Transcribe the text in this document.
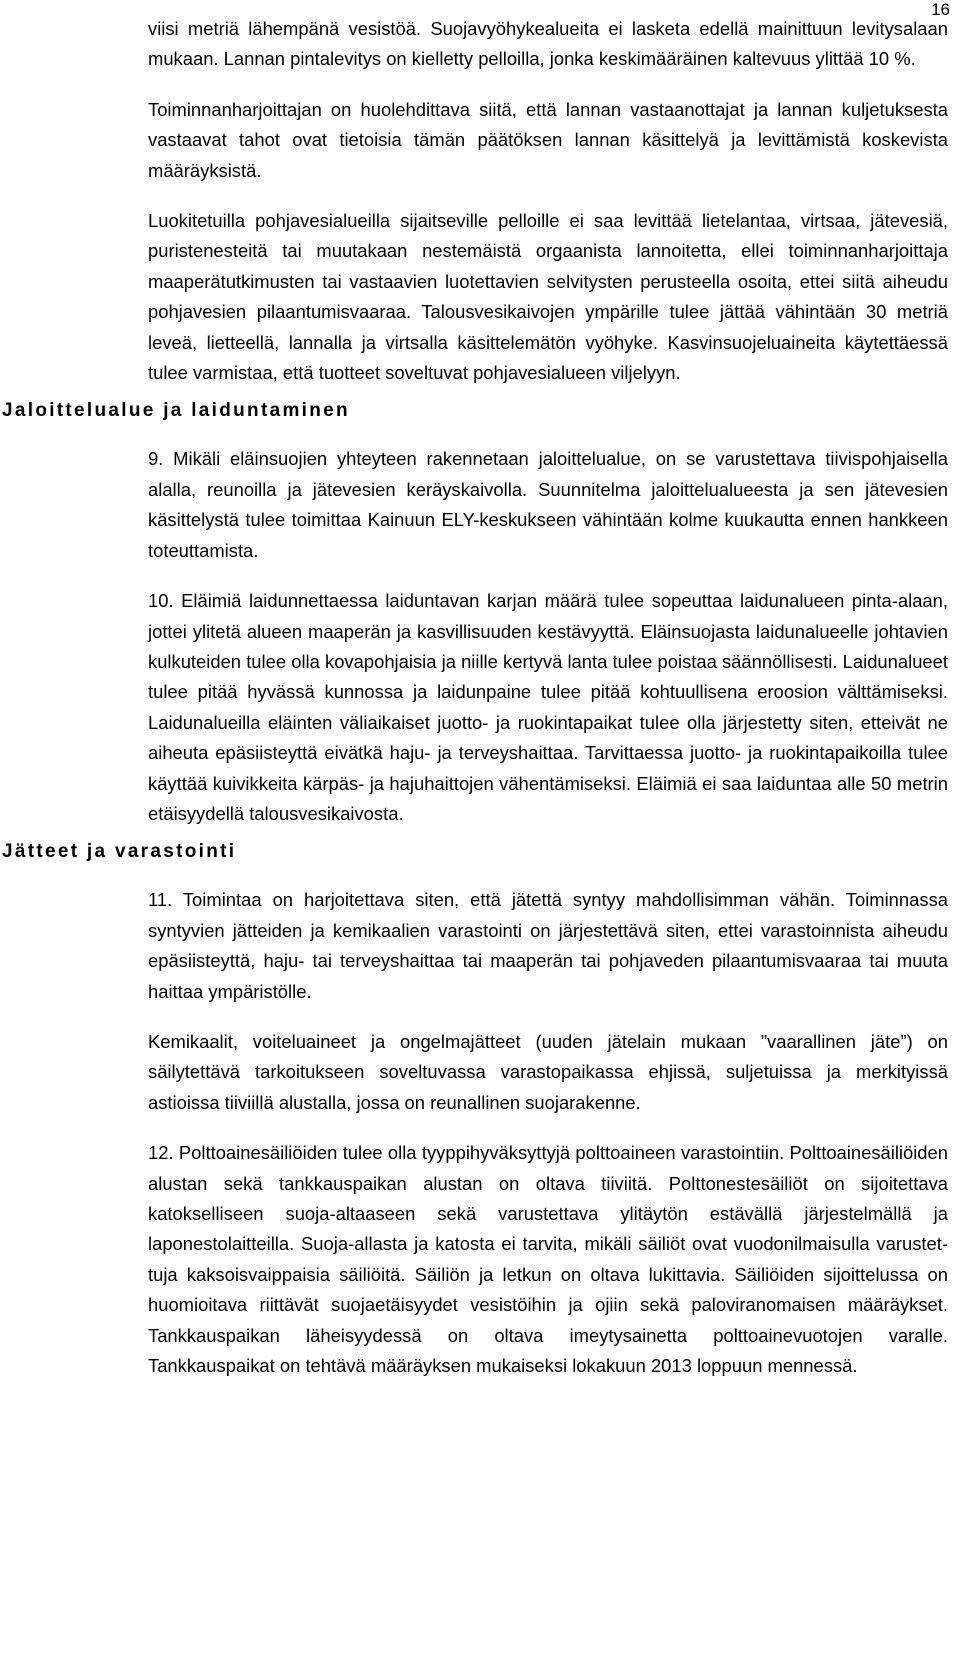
16

viisi metriä lähempänä vesistöä. Suojavyöhykealueita ei lasketa edellä mainittuun levitysalaan mukaan. Lannan pintalevitys on kielletty pelloilla, jonka keskimääräinen kaltevuus ylittää 10 %.

Toiminnanharjoittajan on huolehdittava siitä, että lannan vastaanottajat ja lannan kuljetuksesta vastaavat tahot ovat tietoisia tämän päätöksen lannan käsittelyä ja levittämistä koskevista määräyksistä.

Luokitetuilla pohjavesialueilla sijaitseville pelloille ei saa levittää lietelantaa, virtsaa, jätevesiä, puristenesteitä tai muutakaan nestemäistä orgaanista lannoitetta, ellei toiminnanharjoittaja maaperätutkimusten tai vastaavien luotettavien selvitysten perusteella osoita, ettei siitä aiheudu pohjavesien pilaantumisvaaraa. Talousvesikaivojen ympärille tulee jättää vähintään 30 metriä leveä, lietteellä, lannalla ja virtsalla käsittelemätön vyöhyke. Kasvinsuojeluaineita käytettäessä tulee varmistaa, että tuotteet soveltuvat pohjavesialueen viljelyyn.

Jaloittelualue ja laiduntaminen

9. Mikäli eläinsuojien yhteyteen rakennetaan jaloittelualue, on se varustettava tiivispohjaisella alalla, reunoilla ja jätevesien keräyskaivolla. Suunnitelma jaloittelualueesta ja sen jätevesien käsittelystä tulee toimittaa Kainuun ELY-keskukseen vähintään kolme kuukautta ennen hankkeen toteuttamista.

10. Eläimiä laidunnettaessa laiduntavan karjan määrä tulee sopeuttaa laidunalueen pinta-alaan, jottei ylitetä alueen maaperän ja kasvillisuuden kestävyyttä. Eläinsuojasta laidunalueelle johtavien kulkuteiden tulee olla kovapohjaisia ja niille kertyvä lanta tulee poistaa säännöllisesti. Laidunalueet tulee pitää hyvässä kunnossa ja laidunpaine tulee pitää kohtuullisena eroosion välttämiseksi. Laidunalueilla eläinten väliaikaiset juotto- ja ruokintapaikat tulee olla järjestetty siten, etteivät ne aiheuta epäsiisteyttä eivätkä haju- ja terveyshaittaa. Tarvittaessa juotto- ja ruokintapaikoilla tulee käyttää kuivikkeita kärpäs- ja hajuhaittojen vähentämiseksi. Eläimiä ei saa laiduntaa alle 50 metrin etäisyydellä talousvesikaivosta.

Jätteet ja varastointi

11. Toimintaa on harjoitettava siten, että jätettä syntyy mahdollisimman vähän. Toiminnassa syntyvien jätteiden ja kemikaalien varastointi on järjestettävä siten, ettei varastoinnista aiheudu epäsiisteyttä, haju- tai terveyshaittaa tai maaperän tai pohjaveden pilaantumisvaaraa tai muuta haittaa ympäristölle.

Kemikaalit, voiteluaineet ja ongelmajätteet (uuden jätelain mukaan ”vaarallinen jäte”) on säilytettävä tarkoitukseen soveltuvassa varastopaikassa ehjissä, suljetuissa ja merkityissä astioissa tiiviillä alustalla, jossa on reunallinen suojarakenne.

12. Polttoainesäiliöiden tulee olla tyyppihyväksyttyjä polttoaineen varastointiin. Polttoainesäiliöiden alustan sekä tankkauspaikan alustan on oltava tiiviitä. Polttonestesäiliöt on sijoitettava katokselliseen suoja-altaaseen sekä varustettava ylitäytön estävällä järjestelmällä ja laponestolaitteilla. Suoja-allasta ja katosta ei tarvita, mikäli säiliöt ovat vuodonilmaisulla varustettuja kaksoisvaippaisia säiliöitä. Säiliön ja letkun on oltava lukittavia. Säiliöiden sijoittelussa on huomioitava riittävät suojaetäisyydet vesistöihin ja ojiin sekä paloviranomaisen määräykset. Tankkauspaikan läheisyydessä on oltava imeytysainetta polttoainevuotojen varalle. Tankkauspaikat on tehtävä määräyksen mukaiseksi lokakuun 2013 loppuun mennessä.
